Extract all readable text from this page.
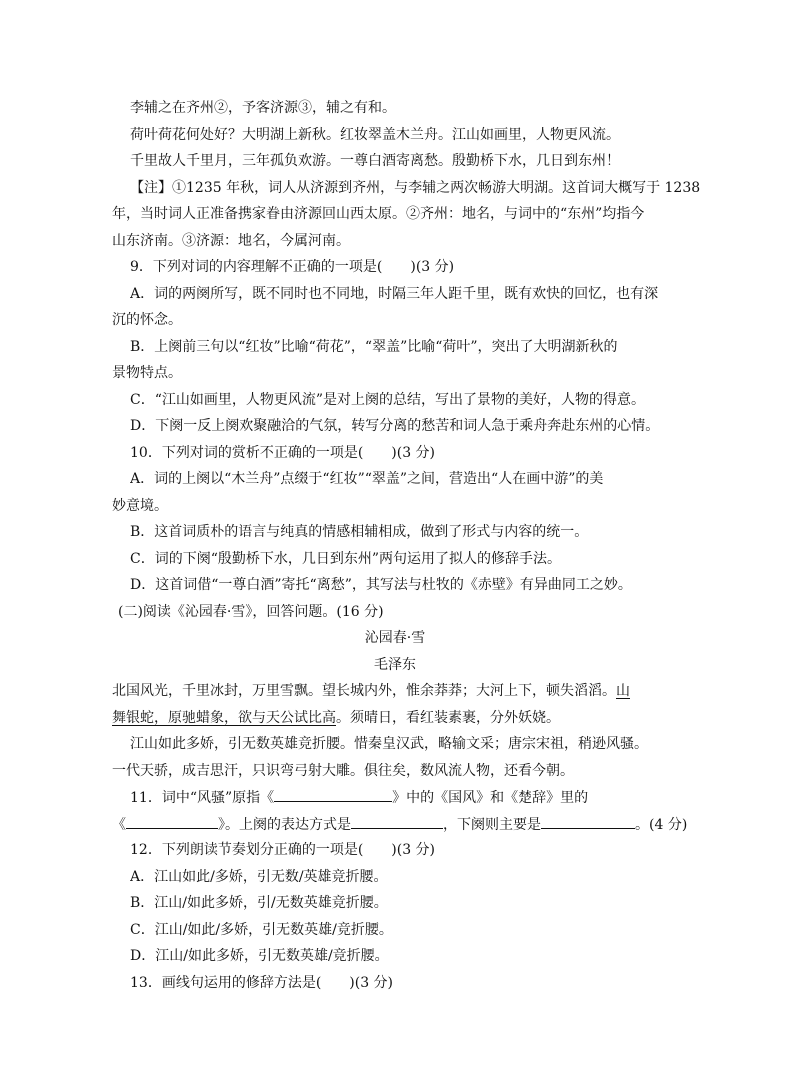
李辅之在齐州②，予客济源③，辅之有和。
荷叶荷花何处好？大明湖上新秋。红妆翠盖木兰舟。江山如画里，人物更风流。
千里故人千里月，三年孤负欢游。一尊白酒寄离愁。殷勤桥下水，几日到东州！
【注】①1235 年秋，词人从济源到齐州，与李辅之两次畅游大明湖。这首词大概写于 1238
年，当时词人正准备携家眷由济源回山西太原。②齐州：地名，与词中的“东州”均指今
山东济南。③济源：地名，今属河南。
9．下列对词的内容理解不正确的一项是(　　)(3 分)
A．词的两阕所写，既不同时也不同地，时隔三年人距千里，既有欢快的回忆，也有深
沉的怀念。
B．上阕前三句以“红妆”比喻“荷花”，“翠盖”比喻“荷叶”，突出了大明湖新秋的
景物特点。
C．“江山如画里，人物更风流”是对上阕的总结，写出了景物的美好，人物的得意。
D．下阕一反上阕欢聚融洽的气氛，转写分离的愁苦和词人急于乘舟奔赴东州的心情。
10．下列对词的赏析不正确的一项是(　　)(3 分)
A．词的上阕以“木兰舟”点缀于“红妆”“翠盖”之间，营造出“人在画中游”的美
妙意境。
B．这首词质朴的语言与纯真的情感相辅相成，做到了形式与内容的统一。
C．词的下阕“殷勤桥下水，几日到东州”两句运用了拟人的修辞手法。
D．这首词借“一尊白酒”寄托“离愁”，其写法与杜牧的《赤壁》有异曲同工之妙。
(二)阅读《沁园春·雪》，回答问题。(16 分)
沁园春·雪
毛泽东
北国风光，千里冰封，万里雪飘。望长城内外，惟余莽莽；大河上下，顿失滔滔。山
舞银蛇，原驰蜡象，欲与天公试比高。须晴日，看红装素裹，分外妖娆。
江山如此多娇，引无数英雄竞折腰。惜秦皇汉武，略输文采；唐宗宋祖，稍逊风骚。
一代天骄，成吉思汗，只识弯弓射大雕。俱往矣，数风流人物，还看今朝。
11．词中“风骚”原指《	》中的《国风》和《楚辞》里的
《	》。上阕的表达方式是	，下阕则主要是	。(4 分)
12．下列朗读节奏划分正确的一项是(　　)(3 分)
A．江山如此/多娇，引无数/英雄竞折腰。
B．江山/如此多娇，引/无数英雄竞折腰。
C．江山/如此/多娇，引无数英雄/竞折腰。
D．江山/如此多娇，引无数英雄/竞折腰。
13．画线句运用的修辞方法是(　　)(3 分)
